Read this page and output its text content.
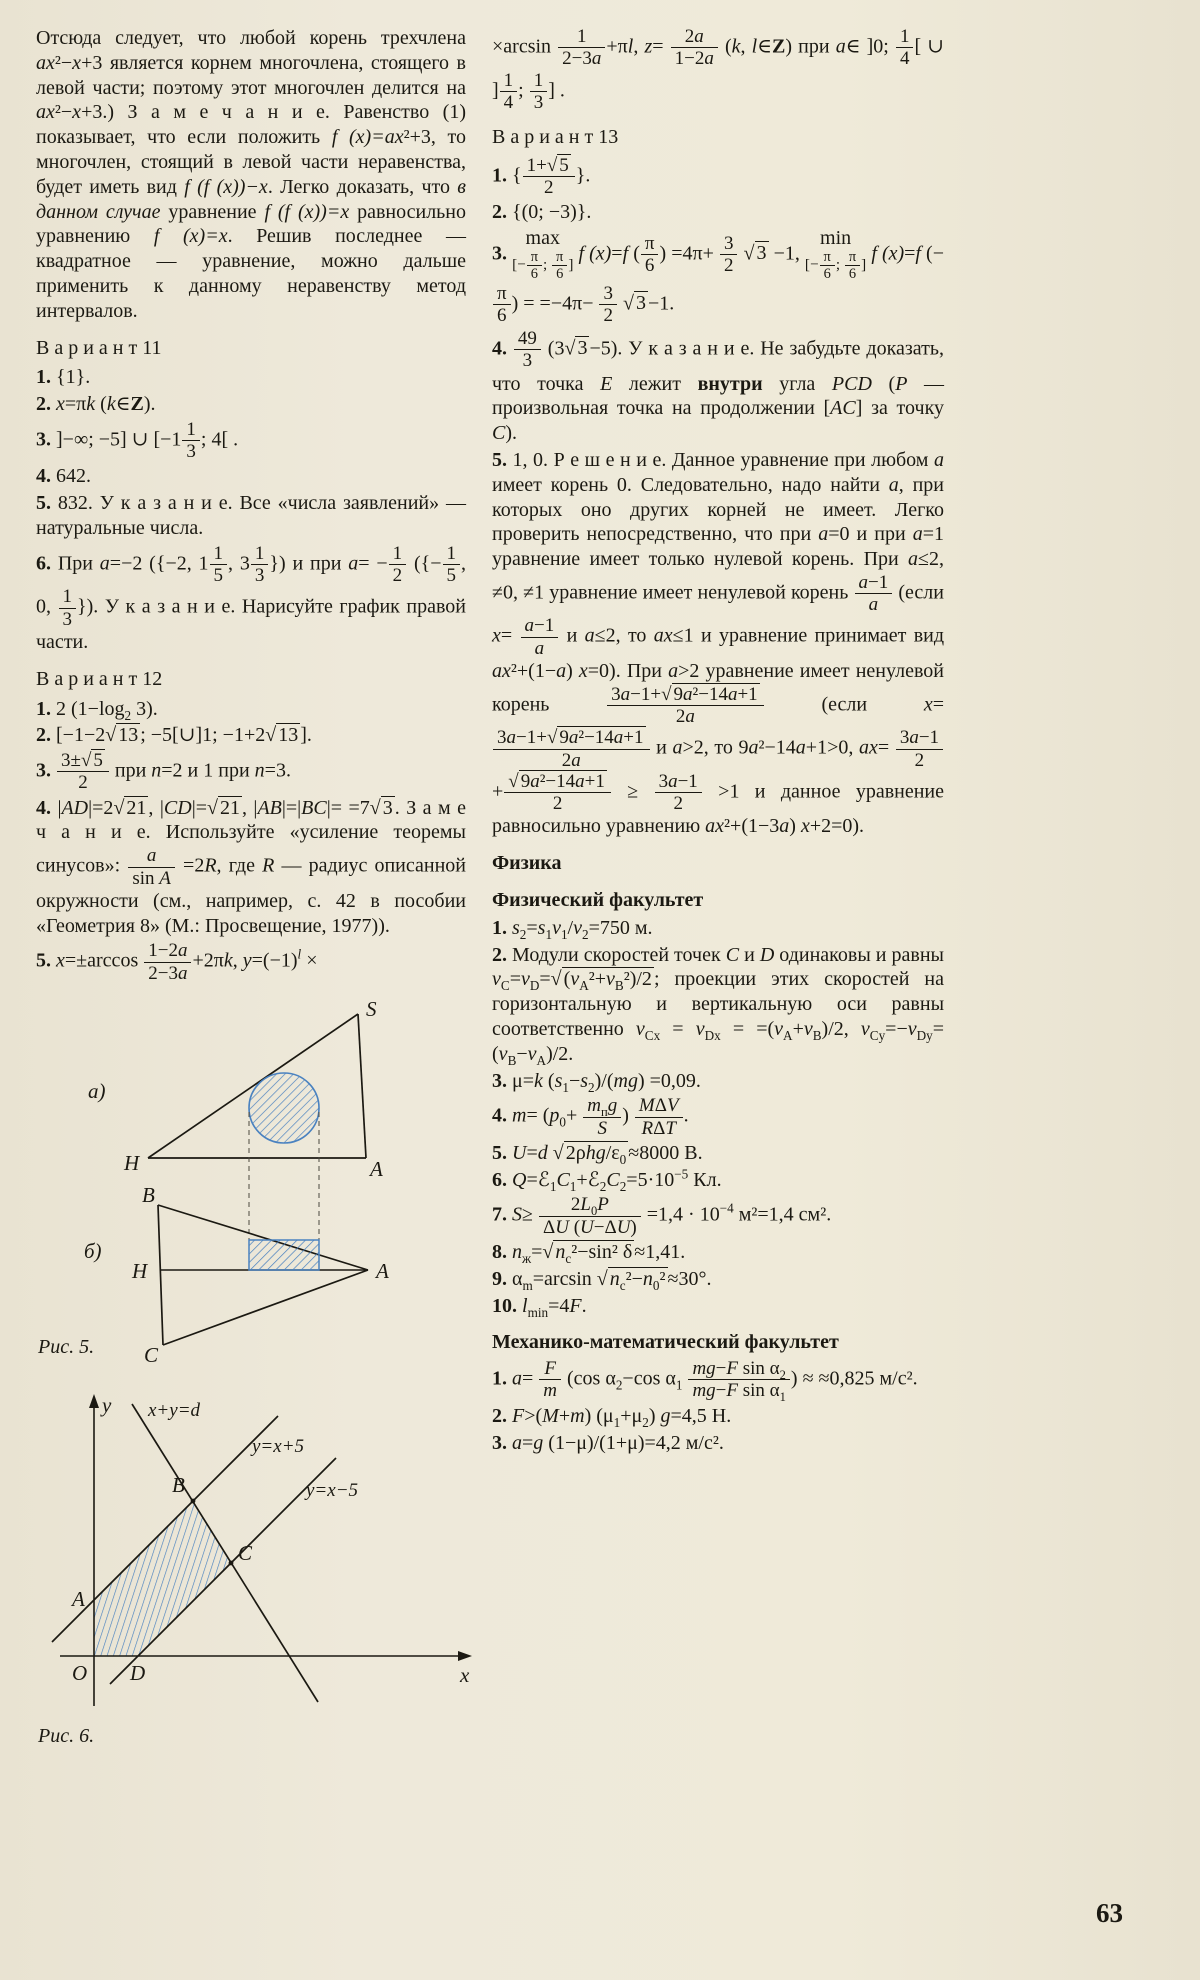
Отсюда следует, что любой корень трехчлена ax²−x+3 является корнем многочлена, стоящего в левой части; поэтому этот многочлен делится на ax²−x+3.) З а м е ч а н и е. Равенство (1) показывает, что если положить f (x)=ax²+3, то многочлен, стоящий в левой части неравенства, будет иметь вид f (f (x))−x. Легко доказать, что в данном случае уравнение f (f (x))=x равносильно уравнению f (x)=x. Решив последнее — квадратное — уравнение, можно дальше применить к данному неравенству метод интервалов.

В а р и а н т 11

1. {1}.

2. x=πk (k∈Z).

3. ]−∞; −5] ∪ [$-1 \frac{1}{3}$ ; 4[ .

4. 642.

5. 832. У к а з а н и е. Все «числа заявлений» — натуральные числа.

6. При a=−2 ({−2, $1 \frac{1}{5}$ , $3 \frac{1}{3}$ }) и при $a= - \frac{1}{2}$ ({− $\frac{1}{5}$ , 0, $\frac{1}{3}$ }). У к а з а н и е. Нарисуйте график правой части.

В а р и а н т 12

1. 2 ($1-\log_2$ 3).

2. [−1−2√ 13 ; −5[∪]1; −1+2√ 13 ].

3. $\frac{3\pm√ 5}{2}$ при n=2 и 1 при n=3.

4. |AD|=2√ 21 , |CD|=√ 21 , |AB|=|BC|= =7√ 3 . З а м е ч а н и е. Используйте «усиление теоремы синусов»: $\frac{a}{\text{sin A}} =2R$, где R — радиус описанной окружности (см., например, с. 42 в пособии «Геометрия 8» (М.: Просвещение, 1977)).

5. $x=\pm\arccos \frac{1-2a}{2-3a} +2\pi k$, $y=(-1)^l$ ×

а)
S
H	A
б)
B
H	A
C

Рис. 5.

x+y=d
y=x+5
y=x−5
A
B
C
D
O	x
y

Рис. 6.

$\times\arcsin \frac{1}{2-3a} +\pi l$, $z= \frac{2a}{1-2a} (k$, l∈Z) при a∈ ]0; $\frac{1}{4}$ [ ∪ ] $\frac{1}{4}$ ; $\frac{1}{3}$ ] .

В а р и а н т 13

1. { $\frac{1+√ 5}{2}$ }.

2. {(0; −3)}.

3.
max
[− $\frac{\pi}{6}$ ; $\frac{\pi}{6}$ ]
f (x)=f ( $\frac{\pi}{6}$ ) $=4\pi+ \frac{3}{2}$ √ 3 −1,
min
[− $\frac{\pi}{6}$ ; $\frac{\pi}{6}$ ]
f (x)=f (−
$\frac{\pi}{6}$ ) = $=-4\pi- \frac{3}{2}$ √ 3 −1.

4. $\frac{49}{3} (3√$ 3 −5). У к а з а н и е. Не забудьте доказать, что точка E лежит внутри угла PCD (P — произвольная точка на продолжении [AC] за точку C).

5. 1, 0. Р е ш е н и е. Данное уравнение при любом a имеет корень 0. Следовательно, надо найти a, при которых оно других корней не имеет. Легко проверить непосредственно, что при a=0 и при a=1 уравнение имеет только нулевой корень. При a≤2, ≠0, ≠1 уравнение имеет ненулевой корень $\frac{a-1}{a}$ (если $x= \frac{a-1}{a}$ и a≤2, то ax≤1 и уравнение принимает вид ax²+(1−a) x=0). При a>2 уравнение имеет ненулевой корень $\frac{\text{3a−1+√ 9a²−14a+1}}{2a}$ (если x=
$\frac{\text{3a−1+√ 9a²−14a+1}}{2a}$ и a>2, то 9a²−14a+1>0, $ax= \frac{3a-1}{2}$
+ $\frac{\text{√ 9a²−14a+1}}{2} \ge \frac{3a-1}{2} >1$ и данное уравнение равносильно уравнению ax²+(1−3a) x+2=0).

Физика

Физический факультет

1. $s_2=s_1v_1/v_2=750$ м.

2. Модули скоростей точек C и D одинаковы и равны $v_C=v_D=√$ $(v_A^2+v_B^2)/2$ ; проекции этих скоростей на горизонтальную и вертикальную оси равны соответственно $v_{Cx} = v_{Dx} = =(v_A+v_B)/2$, $v_{Cy}=-v_{Dy}=(v_B-v_A)/2$.

3. μ=k $(s_1-s_2)/(mg) =0,09$.

4. $m= (p_0+ m_пg$
S
) MΔV
RΔT
.

5. U=d √ $2\rho hg/\varepsilon_0 \approx 8000$ В.

6. $Q=ℰ_1C_1+ℰ_2C_2=5\cdot 10^{-5}$ Кл.

7. $S\ge \frac{2L_0P}{\Delta U (U-\Delta U)} =1,4 \cdot 10^{-4}$ м²=1,4 см².

8. $n_ж=√$ $n_c^2-\sin^2$ δ ≈1,41.

9. $\alpha_m=\arcsin$ √ $n_c^2-n_0^2 \approx 30^\circ$.

10. $l_{min}=4F$.

Механико-математический факультет

1. $a= \frac{F}{m} (\cos$ $\alpha_2-\cos$ $\alpha_1 \frac{mg-F \sin \alpha_2}{mg-F \sin \alpha_1}$ ) ≈ ≈0,825 м/с².

2. F>(M+m) $(\mu_1+\mu_2)$ g=4,5 Н.

3. a=g (1−μ)/(1+μ)=4,2 м/с².

63
